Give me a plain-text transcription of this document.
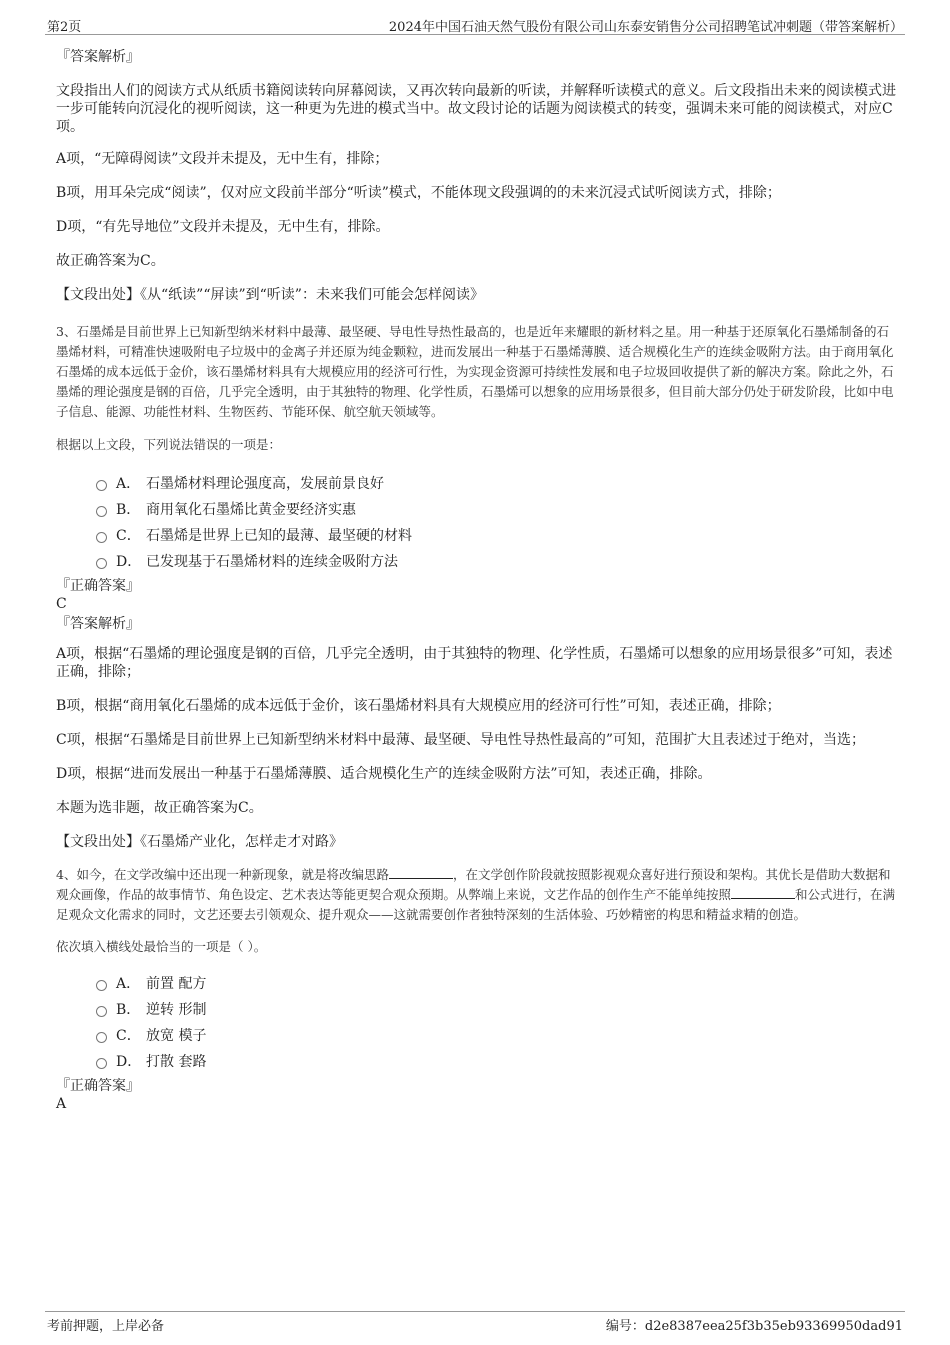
第2页	2024年中国石油天然气股份有限公司山东泰安销售分公司招聘笔试冲刺题（带答案解析）

『答案解析』

文段指出人们的阅读方式从纸质书籍阅读转向屏幕阅读，又再次转向最新的听读，并解释听读模式的意义。后文段指出未来的阅读模式进一步可能转向沉浸化的视听阅读，这一种更为先进的模式当中。故文段讨论的话题为阅读模式的转变，强调未来可能的阅读模式，对应C项。

A项，“无障碍阅读”文段并未提及，无中生有，排除；

B项，用耳朵完成“阅读”，仅对应文段前半部分“听读”模式，不能体现文段强调的的未来沉浸式试听阅读方式，排除；

D项，“有先导地位”文段并未提及，无中生有，排除。

故正确答案为C。

【文段出处】《从“纸读”“屏读”到“听读”：未来我们可能会怎样阅读》

3、石墨烯是目前世界上已知新型纳米材料中最薄、最坚硬、导电性导热性最高的，也是近年来耀眼的新材料之星。用一种基于还原氧化石墨烯制备的石墨烯材料，可精准快速吸附电子垃圾中的金离子并还原为纯金颗粒，进而发展出一种基于石墨烯薄膜、适合规模化生产的连续金吸附方法。由于商用氧化石墨烯的成本远低于金价，该石墨烯材料具有大规模应用的经济可行性，为实现金资源可持续性发展和电子垃圾回收提供了新的解决方案。除此之外，石墨烯的理论强度是钢的百倍，几乎完全透明，由于其独特的物理、化学性质，石墨烯可以想象的应用场景很多，但目前大部分仍处于研发阶段，比如中电子信息、能源、功能性材料、生物医药、节能环保、航空航天领域等。

根据以上文段，下列说法错误的一项是：

A． 石墨烯材料理论强度高，发展前景良好
B． 商用氧化石墨烯比黄金要经济实惠
C． 石墨烯是世界上已知的最薄、最坚硬的材料
D． 已发现基于石墨烯材料的连续金吸附方法

『正确答案』

C

『答案解析』

A项，根据“石墨烯的理论强度是钢的百倍，几乎完全透明，由于其独特的物理、化学性质，石墨烯可以想象的应用场景很多”可知，表述正确，排除；

B项，根据“商用氧化石墨烯的成本远低于金价，该石墨烯材料具有大规模应用的经济可行性”可知，表述正确，排除；

C项，根据“石墨烯是目前世界上已知新型纳米材料中最薄、最坚硬、导电性导热性最高的”可知，范围扩大且表述过于绝对，当选；

D项，根据“进而发展出一种基于石墨烯薄膜、适合规模化生产的连续金吸附方法”可知，表述正确，排除。

本题为选非题，故正确答案为C。

【文段出处】《石墨烯产业化，怎样走才对路》

4、如今，在文学改编中还出现一种新现象，就是将改编思路	，在文学创作阶段就按照影视观众喜好进行预设和架构。其优长是借助大数据和观众画像，作品的故事情节、角色设定、艺术表达等能更契合观众预期。从弊端上来说，文艺作品的创作生产不能单纯按照	和公式进行，在满足观众文化需求的同时，文艺还要去引领观众、提升观众——这就需要创作者独特深刻的生活体验、巧妙精密的构思和精益求精的创造。

依次填入横线处最恰当的一项是（ ）。

A． 前置 配方
B． 逆转 形制
C． 放宽 模子
D． 打散 套路

『正确答案』

A

考前押题，上岸必备	编号：d2e8387eea25f3b35eb93369950dad91
